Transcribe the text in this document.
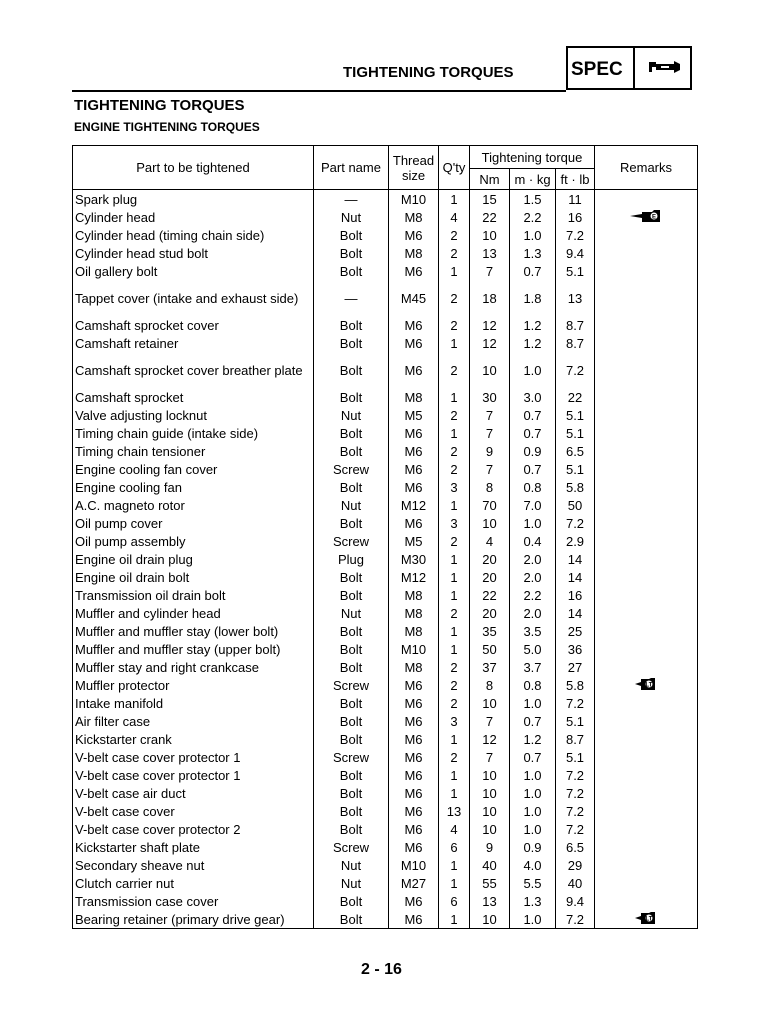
TIGHTENING TORQUES	SPEC
TIGHTENING TORQUES
ENGINE TIGHTENING TORQUES
Part to be tightened	Part name	Thread size	Q'ty	Tightening torque			Remarks
				Nm	m · kg	ft · lb	
Spark plug	—	M10	1	15	1.5	11	
Cylinder head	Nut	M8	4	22	2.2	16	E

Cylinder head (timing chain side)	Bolt	M6	2	10	1.0	7.2	
Cylinder head stud bolt	Bolt	M8	2	13	1.3	9.4	
Oil gallery bolt	Bolt	M6	1	7	0.7	5.1	
Tappet cover (intake and exhaust side)	—	M45	2	18	1.8	13	
Camshaft sprocket cover	Bolt	M6	2	12	1.2	8.7	
Camshaft retainer	Bolt	M6	1	12	1.2	8.7	
Camshaft sprocket cover breather plate	Bolt	M6	2	10	1.0	7.2	
Camshaft sprocket	Bolt	M8	1	30	3.0	22	
Valve adjusting locknut	Nut	M5	2	7	0.7	5.1	
Timing chain guide (intake side)	Bolt	M6	1	7	0.7	5.1	
Timing chain tensioner	Bolt	M6	2	9	0.9	6.5	
Engine cooling fan cover	Screw	M6	2	7	0.7	5.1	
Engine cooling fan	Bolt	M6	3	8	0.8	5.8	
A.C. magneto rotor	Nut	M12	1	70	7.0	50	
Oil pump cover	Bolt	M6	3	10	1.0	7.2	
Oil pump assembly	Screw	M5	2	4	0.4	2.9	
Engine oil drain plug	Plug	M30	1	20	2.0	14	
Engine oil drain bolt	Bolt	M12	1	20	2.0	14	
Transmission oil drain bolt	Bolt	M8	1	22	2.2	16	
Muffler and cylinder head	Nut	M8	2	20	2.0	14	
Muffler and muffler stay (lower bolt)	Bolt	M8	1	35	3.5	25	
Muffler and muffler stay (upper bolt)	Bolt	M10	1	50	5.0	36	
Muffler stay and right crankcase	Bolt	M8	2	37	3.7	27	
Muffler protector	Screw	M6	2	8	0.8	5.8	LT

Intake manifold	Bolt	M6	2	10	1.0	7.2	
Air filter case	Bolt	M6	3	7	0.7	5.1	
Kickstarter crank	Bolt	M6	1	12	1.2	8.7	
V-belt case cover protector 1	Screw	M6	2	7	0.7	5.1	
V-belt case cover protector 1	Bolt	M6	1	10	1.0	7.2	
V-belt case air duct	Bolt	M6	1	10	1.0	7.2	
V-belt case cover	Bolt	M6	13	10	1.0	7.2	
V-belt case cover protector 2	Bolt	M6	4	10	1.0	7.2	
Kickstarter shaft plate	Screw	M6	6	9	0.9	6.5	
Secondary sheave nut	Nut	M10	1	40	4.0	29	
Clutch carrier nut	Nut	M27	1	55	5.5	40	
Transmission case cover	Bolt	M6	6	13	1.3	9.4	
Bearing retainer (primary drive gear)	Bolt	M6	1	10	1.0	7.2	LT
2 - 16
